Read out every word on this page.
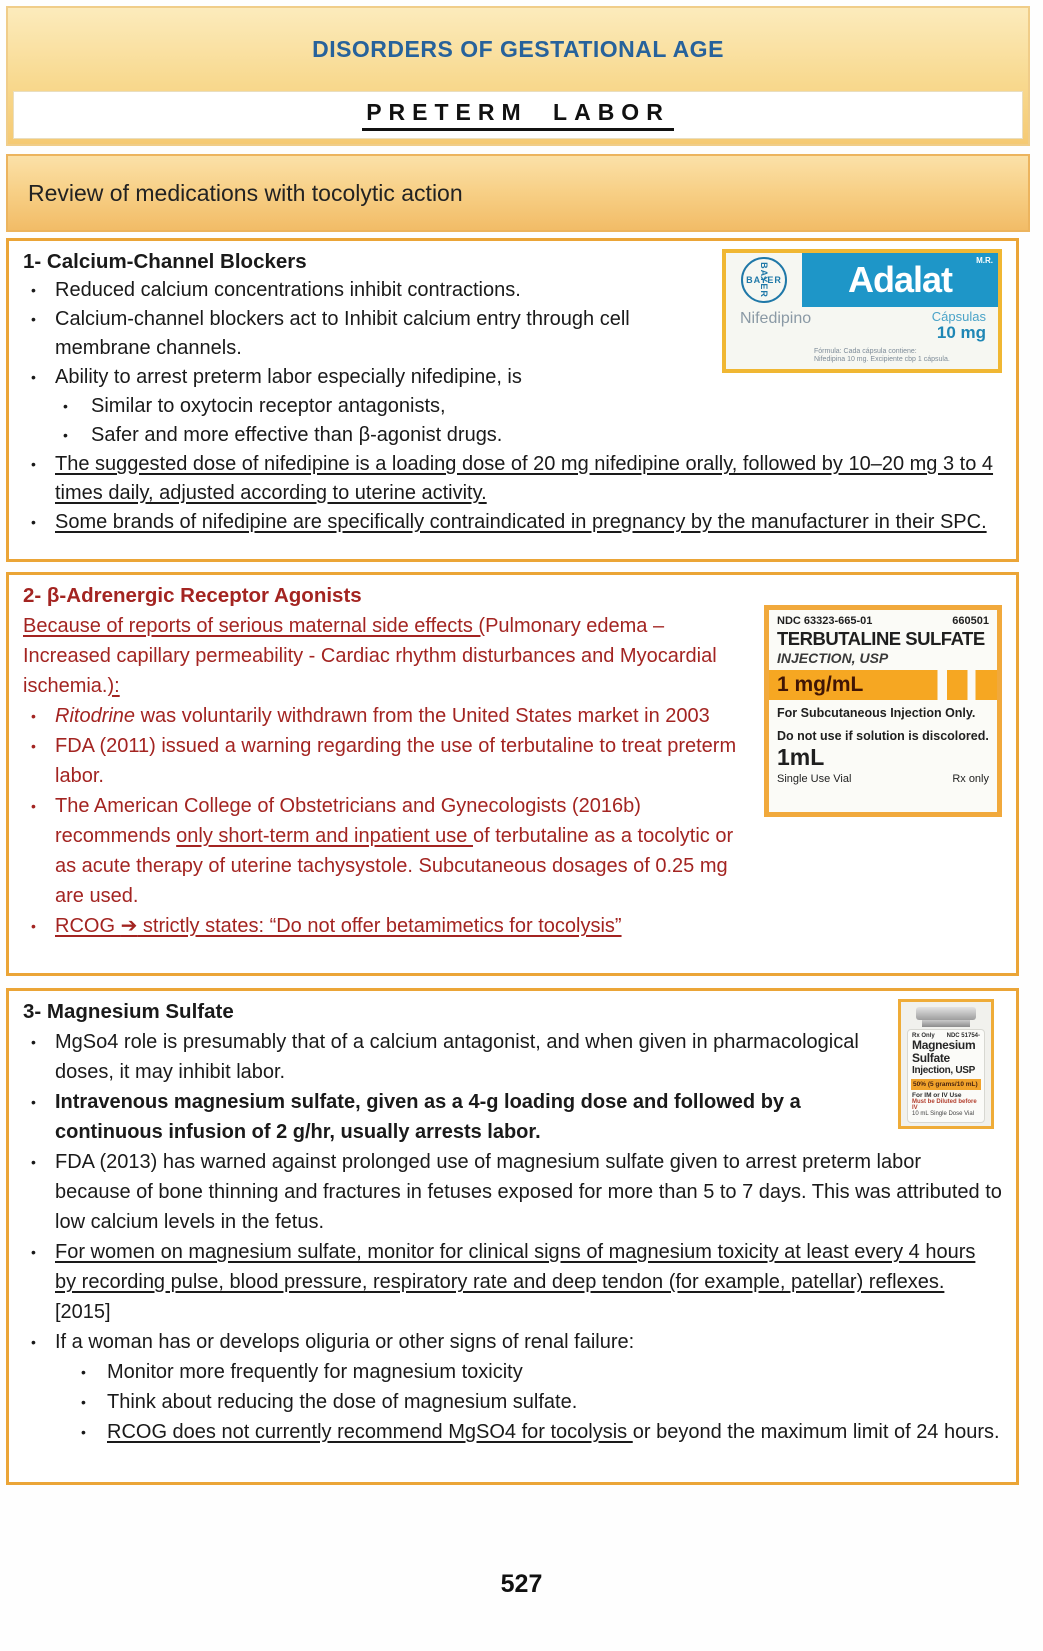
DISORDERS OF GESTATIONAL AGE
PRETERM LABOR
Review of medications with tocolytic action
BAYER
BAYER Adalat	M.R.
Nifedipino	Cápsulas
10 mg
Fórmula: Cada cápsula contiene:
Nifedipina 10 mg. Excipiente cbp 1 cápsula.
1- Calcium-Channel Blockers
• Reduced calcium concentrations inhibit contractions.

• Calcium-channel blockers act to Inhibit calcium entry through cell membrane channels.

• Ability to arrest preterm labor especially nifedipine, is

•	Similar to oxytocin receptor antagonists,

•	Safer and more effective than β-agonist drugs.

• The suggested dose of nifedipine is a loading dose of 20 mg nifedipine orally, followed by 10–20 mg 3 to 4 times daily, adjusted according to uterine activity.

• Some brands of nifedipine are specifically contraindicated in pregnancy by the manufacturer in their SPC.

NDC 63323-665-01	660501
TERBUTALINE SULFATE
INJECTION, USP
1 mg/mL
For Subcutaneous Injection Only.
Do not use if solution is discolored.
1mL
Single Use Vial	Rx only
2- β-Adrenergic Receptor Agonists

Because of reports of serious maternal side effects (Pulmonary edema – Increased capillary permeability - Cardiac rhythm disturbances and Myocardial ischemia.):

• Ritodrine was voluntarily withdrawn from the United States market in 2003

• FDA (2011) issued a warning regarding the use of terbutaline to treat preterm labor.

• The American College of Obstetricians and Gynecologists (2016b) recommends only short-term and inpatient use of terbutaline as a tocolytic or as acute therapy of uterine tachysystole. Subcutaneous dosages of 0.25 mg are used.

• RCOG ➔ strictly states: “Do not offer betamimetics for tocolysis”

Rx Only NDC 51754-
Magnesium
Sulfate
Injection, USP
50% (5 grams/10 mL)
For IM or IV Use
Must be Diluted before IV
10 mL Single Dose Vial
3- Magnesium Sulfate
• MgSo4 role is presumably that of a calcium antagonist, and when given in pharmacological doses, it may inhibit labor.

• Intravenous magnesium sulfate, given as a 4-g loading dose and followed by a continuous infusion of 2 g/hr, usually arrests labor.

• FDA (2013) has warned against prolonged use of magnesium sulfate given to arrest preterm labor because of bone thinning and fractures in fetuses exposed for more than 5 to 7 days. This was attributed to low calcium levels in the fetus.

• For women on magnesium sulfate, monitor for clinical signs of magnesium toxicity at least every 4 hours by recording pulse, blood pressure, respiratory rate and deep tendon (for example, patellar) reflexes. [2015]

• If a woman has or develops oliguria or other signs of renal failure:

•	Monitor more frequently for magnesium toxicity

•	Think about reducing the dose of magnesium sulfate.

•	RCOG does not currently recommend MgSO4 for tocolysis or beyond the maximum limit of 24 hours.

527
